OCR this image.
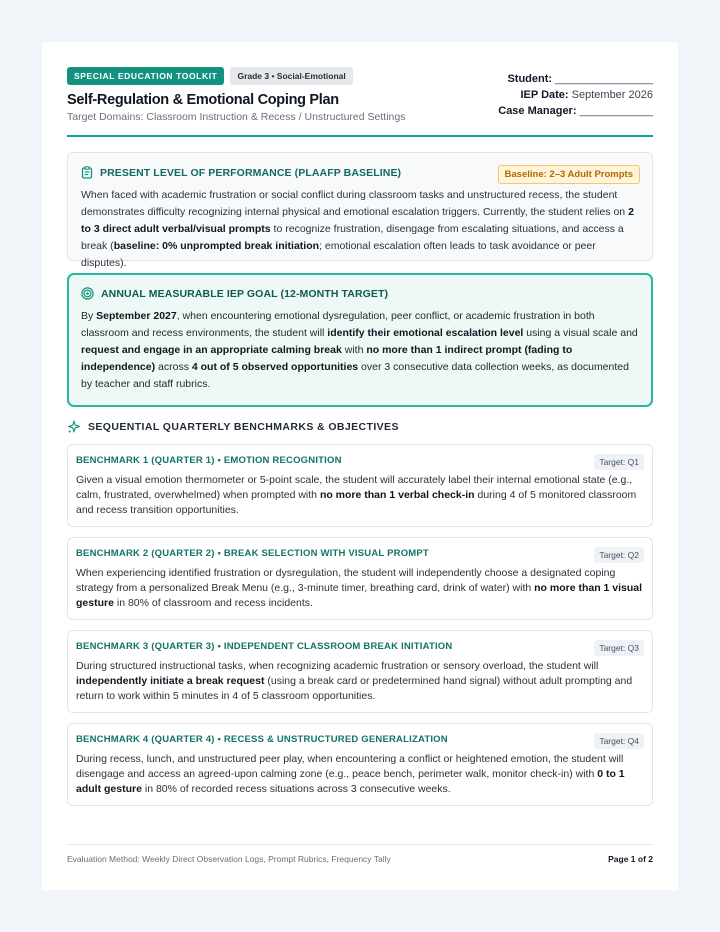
SPECIAL EDUCATION TOOLKIT	Grade 3 • Social-Emotional
Self-Regulation & Emotional Coping Plan
Target Domains: Classroom Instruction & Recess / Unstructured Settings
Student: ________________
IEP Date: September 2026
Case Manager: ____________
PRESENT LEVEL OF PERFORMANCE (PLAAFP BASELINE)	Baseline: 2–3 Adult Prompts
When faced with academic frustration or social conflict during classroom tasks and unstructured recess, the student demonstrates difficulty recognizing internal physical and emotional escalation triggers. Currently, the student relies on 2 to 3 direct adult verbal/visual prompts to recognize frustration, disengage from escalating situations, and access a break (baseline: 0% unprompted break initiation; emotional escalation often leads to task avoidance or peer disputes).
ANNUAL MEASURABLE IEP GOAL (12-MONTH TARGET)
By September 2027, when encountering emotional dysregulation, peer conflict, or academic frustration in both classroom and recess environments, the student will identify their emotional escalation level using a visual scale and request and engage in an appropriate calming break with no more than 1 indirect prompt (fading to independence) across 4 out of 5 observed opportunities over 3 consecutive data collection weeks, as documented by teacher and staff rubrics.
SEQUENTIAL QUARTERLY BENCHMARKS & OBJECTIVES
BENCHMARK 1 (QUARTER 1) • EMOTION RECOGNITION	Target: Q1
Given a visual emotion thermometer or 5-point scale, the student will accurately label their internal emotional state (e.g., calm, frustrated, overwhelmed) when prompted with no more than 1 verbal check-in during 4 of 5 monitored classroom and recess transition opportunities.
BENCHMARK 2 (QUARTER 2) • BREAK SELECTION WITH VISUAL PROMPT	Target: Q2
When experiencing identified frustration or dysregulation, the student will independently choose a designated coping strategy from a personalized Break Menu (e.g., 3-minute timer, breathing card, drink of water) with no more than 1 visual gesture in 80% of classroom and recess incidents.
BENCHMARK 3 (QUARTER 3) • INDEPENDENT CLASSROOM BREAK INITIATION	Target: Q3
During structured instructional tasks, when recognizing academic frustration or sensory overload, the student will independently initiate a break request (using a break card or predetermined hand signal) without adult prompting and return to work within 5 minutes in 4 of 5 classroom opportunities.
BENCHMARK 4 (QUARTER 4) • RECESS & UNSTRUCTURED GENERALIZATION	Target: Q4
During recess, lunch, and unstructured peer play, when encountering a conflict or heightened emotion, the student will disengage and access an agreed-upon calming zone (e.g., peace bench, perimeter walk, monitor check-in) with 0 to 1 adult gesture in 80% of recorded recess situations across 3 consecutive weeks.
Evaluation Method: Weekly Direct Observation Logs, Prompt Rubrics, Frequency Tally	Page 1 of 2
